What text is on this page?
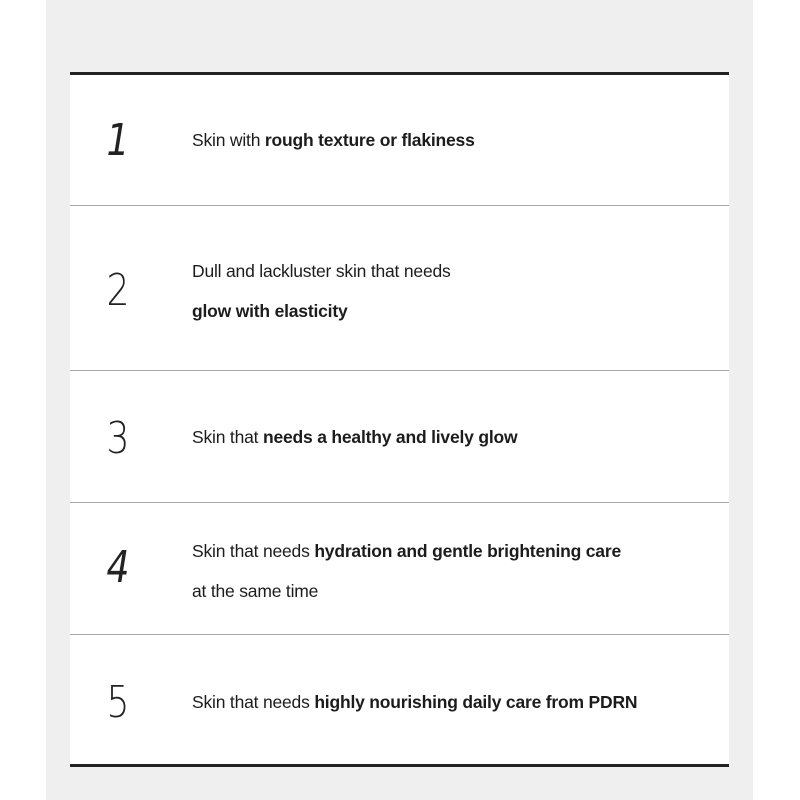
1	Skin with rough texture or flakiness
2	Dull and lackluster skin that needs
glow with elasticity
3	Skin that needs a healthy and lively glow
4	Skin that needs hydration and gentle brightening care
at the same time
5	Skin that needs highly nourishing daily care from PDRN
